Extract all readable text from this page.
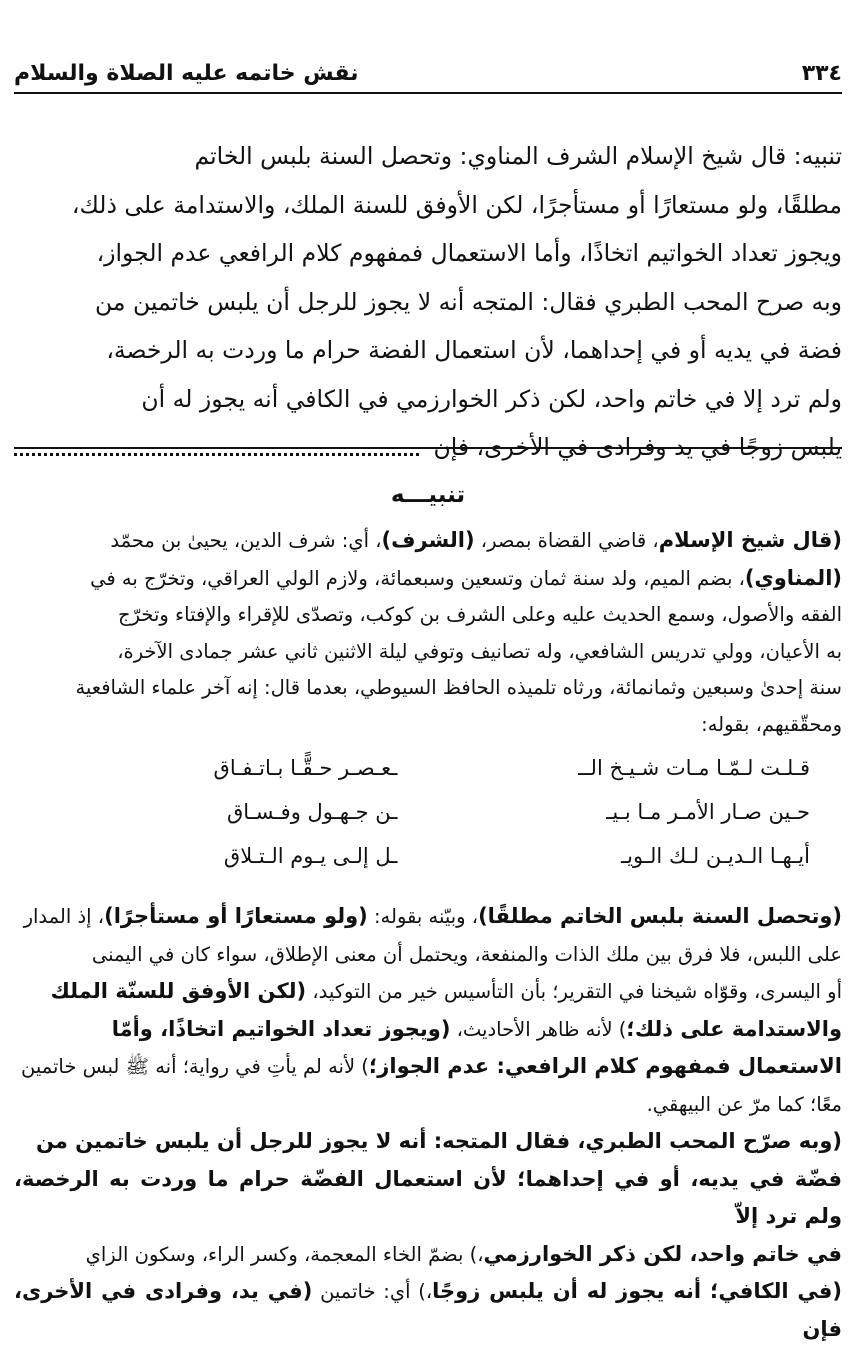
٣٣٤
نقش خاتمه عليه الصلاة والسلام

تنبيه: قال شيخ الإسلام الشرف المناوي: وتحصل السنة بلبس الخاتم

مطلقًا، ولو مستعارًا أو مستأجرًا، لكن الأوفق للسنة الملك، والاستدامة على ذلك،

ويجوز تعداد الخواتيم اتخاذًا، وأما الاستعمال فمفهوم كلام الرافعي عدم الجواز،

وبه صرح المحب الطبري فقال: المتجه أنه لا يجوز للرجل أن يلبس خاتمين من

فضة في يديه أو في إحداهما، لأن استعمال الفضة حرام ما وردت به الرخصة،

ولم ترد إلا في خاتم واحد، لكن ذكر الخوارزمي في الكافي أنه يجوز له أن

يلبس زوجًا في يد وفرادى في الأخرى، فإن

تنبيـــه

(قال شيخ الإسلام، قاضي القضاة بمصر، (الشرف)، أي: شرف الدين، يحيىٰ بن محمّد

(المناوي)، بضم الميم، ولد سنة ثمان وتسعين وسبعمائة، ولازم الولي العراقي، وتخرّج به في

الفقه والأصول، وسمع الحديث عليه وعلى الشرف بن كوكب، وتصدّى للإقراء والإفتاء وتخرّج

به الأعيان، وولي تدريس الشافعي، وله تصانيف وتوفي ليلة الاثنين ثاني عشر جمادى الآخرة،

سنة إحدىٰ وسبعين وثمانمائة، ورثاه تلميذه الحافظ السيوطي، بعدما قال: إنه آخر علماء الشافعية

ومحقّقيهم، بقوله:

قـلـت لـمّـا مـات شـيـخ الــ
ـعـصـر حـقًّـا بـاتـفـاق
حـين صـار الأمـر مـا بـيـ
ـن جـهـول وفـسـاق
أيـهـا الـديـن لـك الـويـ
ـل إلـى يـوم الـتـلاق

(وتحصل السنة بلبس الخاتم مطلقًا)، وبيّنه بقوله: (ولو مستعارًا أو مستأجرًا)، إذ المدار

على اللبس، فلا فرق بين ملك الذات والمنفعة، ويحتمل أن معنى الإطلاق، سواء كان في اليمنى

أو اليسرى، وقوّاه شيخنا في التقرير؛ بأن التأسيس خير من التوكيد، (لكن الأوفق للسنّة الملك

والاستدامة على ذلك؛) لأنه ظاهر الأحاديث، (ويجوز تعداد الخواتيم اتخاذًا، وأمّا

الاستعمال فمفهوم كلام الرافعي: عدم الجواز؛) لأنه لم يأتِ في رواية؛ أنه ﷺ لبس خاتمين

معًا؛ كما مرّ عن البيهقي.

(وبه صرّح المحب الطبري، فقال المتجه: أنه لا يجوز للرجل أن يلبس خاتمين من

فضّة في يديه، أو في إحداهما؛ لأن استعمال الفضّة حرام ما وردت به الرخصة، ولم ترد إلاّ

في خاتم واحد، لكن ذكر الخوارزمي،) بضمّ الخاء المعجمة، وكسر الراء، وسكون الزاي

(في الكافي؛ أنه يجوز له أن يلبس زوجًا،) أي: خاتمين (في يد، وفرادى في الأخرى، فإن
